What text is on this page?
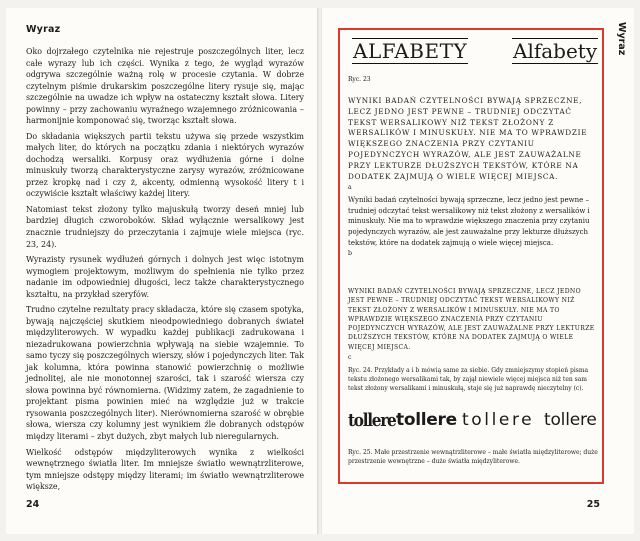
Wyraz

Oko dojrzałego czytelnika nie rejestruje poszczególnych liter, lecz całe wyrazy lub ich części. Wynika z tego, że wygląd wyrazów odgrywa szczególnie ważną rolę w procesie czytania. W dobrze czytelnym piśmie drukarskim poszczególne litery rysuje się, mając szczególnie na uwadze ich wpływ na ostateczny kształt słowa. Litery powinny – przy zachowaniu wyraźnego wzajemnego zróżnicowania – harmonijnie komponować się, tworząc kształt słowa.

Do składania większych partii tekstu używa się przede wszystkim małych liter, do których na początku zdania i niektórych wyrazów dochodzą wersaliki. Korpusy oraz wydłużenia górne i dolne minuskuły tworzą charakterystyczne zarysy wyrazów, zróżnicowane przez kropkę nad i czy ż, akcenty, odmienną wysokość litery t i oczywiście kształt właściwy każdej litery.

Natomiast tekst złożony tylko majuskułą tworzy deseń mniej lub bardziej długich czworoboków. Skład wyłącznie wersalikowy jest znacznie trudniejszy do przeczytania i zajmuje wiele miejsca (ryc. 23, 24).

Wyrazisty rysunek wydłużeń górnych i dolnych jest więc istotnym wymogiem projektowym, możliwym do spełnienia nie tylko przez nadanie im odpowiedniej długości, lecz także charakterystycznego kształtu, na przykład szeryfów.

Trudno czytelne rezultaty pracy składacza, które się czasem spotyka, bywają najczęściej skutkiem nieodpowiedniego dobranych świateł międzyliterowych. W wypadku każdej publikacji zadrukowana i niezadrukowana powierzchnia wpływają na siebie wzajemnie. To samo tyczy się poszczególnych wierszy, słów i pojedynczych liter. Tak jak kolumna, która powinna stanowić powierzchnię o możliwie jednolitej, ale nie monotonnej szarości, tak i szarość wiersza czy słowa powinna być równomierna. (Widzimy zatem, że zagadnienie to projektant pisma powinien mieć na względzie już w trakcie rysowania poszczególnych liter). Nierównomierna szarość w obrębie słowa, wiersza czy kolumny jest wynikiem źle dobranych odstępów między literami – zbyt dużych, zbyt małych lub nieregularnych.

Wielkość odstępów międzyliterowych wynika z wielkości wewnętrznego światła liter. Im mniejsze światło wewnątrzliterowe, tym mniejsze odstępy między literami; im światło wewnątrzliterowe większe,

24
Wyraz
ALFABETY Alfabety
Ryc. 23
WYNIKI BADAŃ CZYTELNOŚCI BYWAJĄ SPRZECZNE, LECZ JEDNO JEST PEWNE – TRUDNIEJ ODCZYTAĆ TEKST WERSALIKOWY NIŻ TEKST ZŁOŻONY Z WERSALIKÓW I MINUSKUŁY. NIE MA TO WPRAWDZIE WIĘKSZEGO ZNACZENIA PRZY CZYTANIU POJEDYNCZYCH WYRAZÓW, ALE JEST ZAUWAŻALNE PRZY LEKTURZE DŁUŻSZYCH TEKSTÓW, KTÓRE NA DODATEK ZAJMUJĄ O WIELE WIĘCEJ MIEJSCA.
a
Wyniki badań czytelności bywają sprzeczne, lecz jedno jest pewne – trudniej odczytać tekst wersalikowy niż tekst złożony z wersalików i minuskuły. Nie ma to wprawdzie większego znaczenia przy czytaniu pojedynczych wyrazów, ale jest zauważalne przy lekturze dłuższych tekstów, które na dodatek zajmują o wiele więcej miejsca.
b
WYNIKI BADAŃ CZYTELNOŚCI BYWAJĄ SPRZECZNE, LECZ JEDNO JEST PEWNE – TRUDNIEJ ODCZYTAĆ TEKST WERSALIKOWY NIŻ TEKST ZŁOŻONY Z WERSALIKÓW I MINUSKUŁY. NIE MA TO WPRAWDZIE WIĘKSZEGO ZNACZENIA PRZY CZYTANIU POJEDYNCZYCH WYRAZÓW, ALE JEST ZAUWAŻALNE PRZY LEKTURZE DŁUŻSZYCH TEKSTÓW, KTÓRE NA DODATEK ZAJMUJĄ O WIELE WIĘCEJ MIEJSCA.
c
Ryc. 24. Przykłady a i b mówią same za siebie. Gdy zmniejszymy stopień pisma tekstu złożonego wersalikami tak, by zajął niewiele więcej miejsca niż ten sam tekst złożony wersalikami i minuskułą, staje się już naprawdę nieczytelny (c).
tollere tollere tollere tollere
Ryc. 25. Małe przestrzenie wewnątrzliterowe – małe światła międzyliterowe; duże przestrzenie wewnętrzne – duże światła międzyliterowe.
25
